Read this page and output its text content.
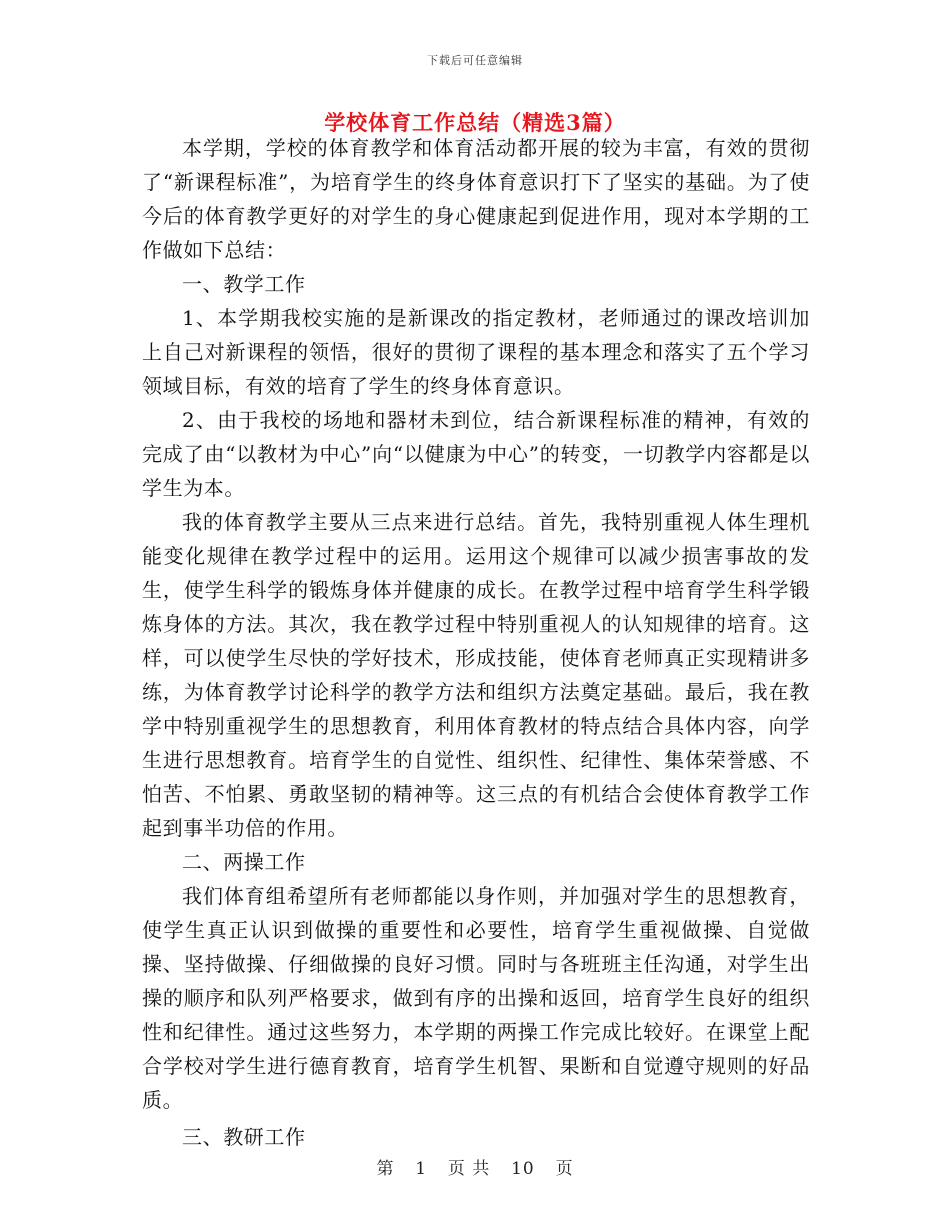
下载后可任意编辑
学校体育工作总结（精选3篇）

本学期，学校的体育教学和体育活动都开展的较为丰富，有效的贯彻了“新课程标准”，为培育学生的终身体育意识打下了坚实的基础。为了使今后的体育教学更好的对学生的身心健康起到促进作用，现对本学期的工作做如下总结：

一、教学工作

1、本学期我校实施的是新课改的指定教材，老师通过的课改培训加上自己对新课程的领悟，很好的贯彻了课程的基本理念和落实了五个学习领域目标，有效的培育了学生的终身体育意识。

2、由于我校的场地和器材未到位，结合新课程标准的精神，有效的完成了由“以教材为中心”向“以健康为中心”的转变，一切教学内容都是以学生为本。

我的体育教学主要从三点来进行总结。首先，我特别重视人体生理机能变化规律在教学过程中的运用。运用这个规律可以减少损害事故的发生，使学生科学的锻炼身体并健康的成长。在教学过程中培育学生科学锻炼身体的方法。其次，我在教学过程中特别重视人的认知规律的培育。这样，可以使学生尽快的学好技术，形成技能，使体育老师真正实现精讲多练，为体育教学讨论科学的教学方法和组织方法奠定基础。最后，我在教学中特别重视学生的思想教育，利用体育教材的特点结合具体内容，向学生进行思想教育。培育学生的自觉性、组织性、纪律性、集体荣誉感、不怕苦、不怕累、勇敢坚韧的精神等。这三点的有机结合会使体育教学工作起到事半功倍的作用。

二、两操工作

我们体育组希望所有老师都能以身作则，并加强对学生的思想教育，使学生真正认识到做操的重要性和必要性，培育学生重视做操、自觉做操、坚持做操、仔细做操的良好习惯。同时与各班班主任沟通，对学生出操的顺序和队列严格要求，做到有序的出操和返回，培育学生良好的组织性和纪律性。通过这些努力，本学期的两操工作完成比较好。在课堂上配合学校对学生进行德育教育，培育学生机智、果断和自觉遵守规则的好品质。

三、教研工作

第 1 页 共 10 页
